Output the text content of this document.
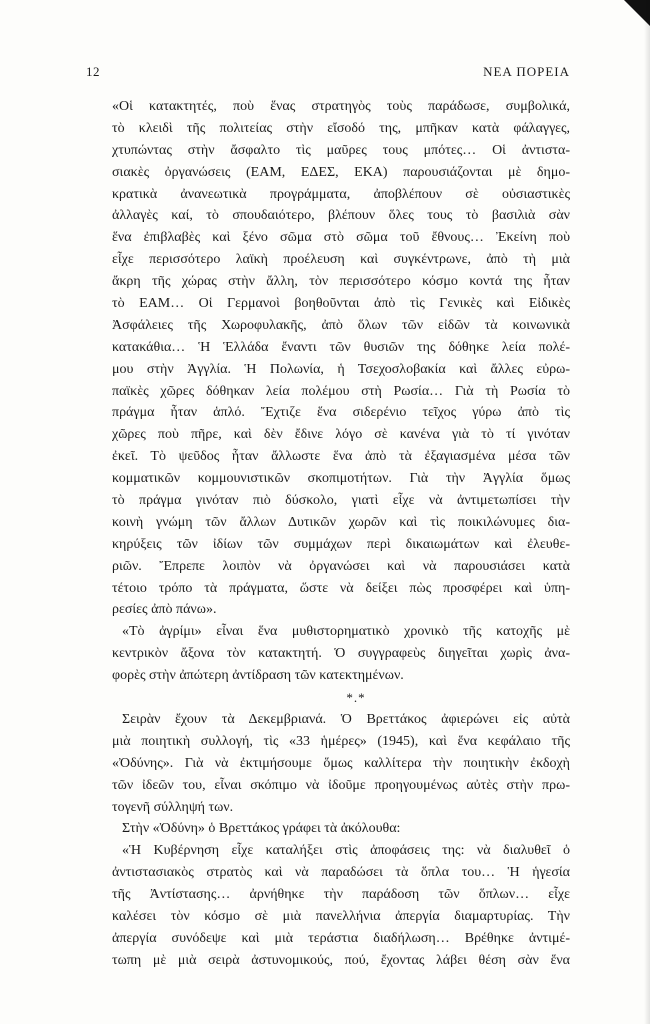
12	ΝΕΑ ΠΟΡΕΙΑ
«Οἱ κατακτητές, ποὺ ἕνας στρατηγὸς τοὺς παράδωσε, συμβολικά,
τὸ κλειδὶ τῆς πολιτείας στὴν εἴσοδό της, μπῆκαν κατὰ φάλαγγες,
χτυπώντας στὴν ἄσφαλτο τὶς μαῦρες τους μπότες… Οἱ ἀντιστα-
σιακὲς ὀργανώσεις (ΕΑΜ, ΕΔΕΣ, ΕΚΑ) παρουσιάζονται μὲ δημο-
κρατικὰ ἀνανεωτικὰ προγράμματα, ἀποβλέπουν σὲ οὐσιαστικὲς
ἀλλαγὲς καί, τὸ σπουδαιότερο, βλέπουν ὅλες τους τὸ βασιλιὰ σὰν
ἕνα ἐπιβλαβὲς καὶ ξένο σῶμα στὸ σῶμα τοῦ ἔθνους… Ἐκείνη ποὺ
εἶχε περισσότερο λαϊκὴ προέλευση καὶ συγκέντρωνε, ἀπὸ τὴ μιὰ
ἄκρη τῆς χώρας στὴν ἄλλη, τὸν περισσότερο κόσμο κοντά της ἦταν
τὸ ΕΑΜ… Οἱ Γερμανοὶ βοηθοῦνται ἀπὸ τὶς Γενικὲς καὶ Εἰδικὲς
Ἀσφάλειες τῆς Χωροφυλακῆς, ἀπὸ ὅλων τῶν εἰδῶν τὰ κοινωνικὰ
κατακάθια… Ἡ Ἑλλάδα ἔναντι τῶν θυσιῶν της δόθηκε λεία πολέ-
μου στὴν Ἀγγλία. Ἡ Πολωνία, ἡ Τσεχοσλοβακία καὶ ἄλλες εὐρω-
παϊκὲς χῶρες δόθηκαν λεία πολέμου στὴ Ρωσία… Γιὰ τὴ Ρωσία τὸ
πράγμα ἦταν ἁπλό. Ἔχτιζε ἕνα σιδερένιο τεῖχος γύρω ἀπὸ τὶς
χῶρες ποὺ πῆρε, καὶ δὲν ἔδινε λόγο σὲ κανένα γιὰ τὸ τί γινόταν
ἐκεῖ. Τὸ ψεῦδος ἦταν ἄλλωστε ἕνα ἀπὸ τὰ ἐξαγιασμένα μέσα τῶν
κομματικῶν κομμουνιστικῶν σκοπιμοτήτων. Γιὰ τὴν Ἀγγλία ὅμως
τὸ πράγμα γινόταν πιὸ δύσκολο, γιατὶ εἶχε νὰ ἀντιμετωπίσει τὴν
κοινὴ γνώμη τῶν ἄλλων Δυτικῶν χωρῶν καὶ τὶς ποικιλώνυμες δια-
κηρύξεις τῶν ἰδίων τῶν συμμάχων περὶ δικαιωμάτων καὶ ἐλευθε-
ριῶν. Ἔπρεπε λοιπὸν νὰ ὀργανώσει καὶ νὰ παρουσιάσει κατὰ
τέτοιο τρόπο τὰ πράγματα, ὥστε νὰ δείξει πὼς προσφέρει καὶ ὑπη-
ρεσίες ἀπὸ πάνω».
«Τὸ ἀγρίμι» εἶναι ἕνα μυθιστορηματικὸ χρονικὸ τῆς κατοχῆς μὲ
κεντρικὸν ἄξονα τὸν κατακτητή. Ὁ συγγραφεὺς διηγεῖται χωρὶς ἀνα-
φορὲς στὴν ἀπώτερη ἀντίδραση τῶν κατεκτημένων.
*.*
Σειρὰν ἔχουν τὰ Δεκεμβριανά. Ὁ Βρεττάκος ἀφιερώνει εἰς αὐτὰ
μιὰ ποιητικὴ συλλογή, τὶς «33 ἡμέρες» (1945), καὶ ἕνα κεφάλαιο τῆς
«Ὀδύνης». Γιὰ νὰ ἐκτιμήσουμε ὅμως καλλίτερα τὴν ποιητικὴν ἐκδοχὴ
τῶν ἰδεῶν του, εἶναι σκόπιμο νὰ ἰδοῦμε προηγουμένως αὐτὲς στὴν πρω-
τογενῆ σύλληψή των.
Στὴν «Ὀδύνη» ὁ Βρεττάκος γράφει τὰ ἀκόλουθα:
«Ἡ Κυβέρνηση εἶχε καταλήξει στὶς ἀποφάσεις της: νὰ διαλυθεῖ ὁ
ἀντιστασιακὸς στρατὸς καὶ νὰ παραδώσει τὰ ὅπλα του… Ἡ ἡγεσία
τῆς Ἀντίστασης… ἀρνήθηκε τὴν παράδοση τῶν ὅπλων… εἶχε
καλέσει τὸν κόσμο σὲ μιὰ πανελλήνια ἀπεργία διαμαρτυρίας. Τὴν
ἀπεργία συνόδεψε καὶ μιὰ τεράστια διαδήλωση… Βρέθηκε ἀντιμέ-
τωπη μὲ μιὰ σειρὰ ἀστυνομικούς, πού, ἔχοντας λάβει θέση σὰν ἕνα
